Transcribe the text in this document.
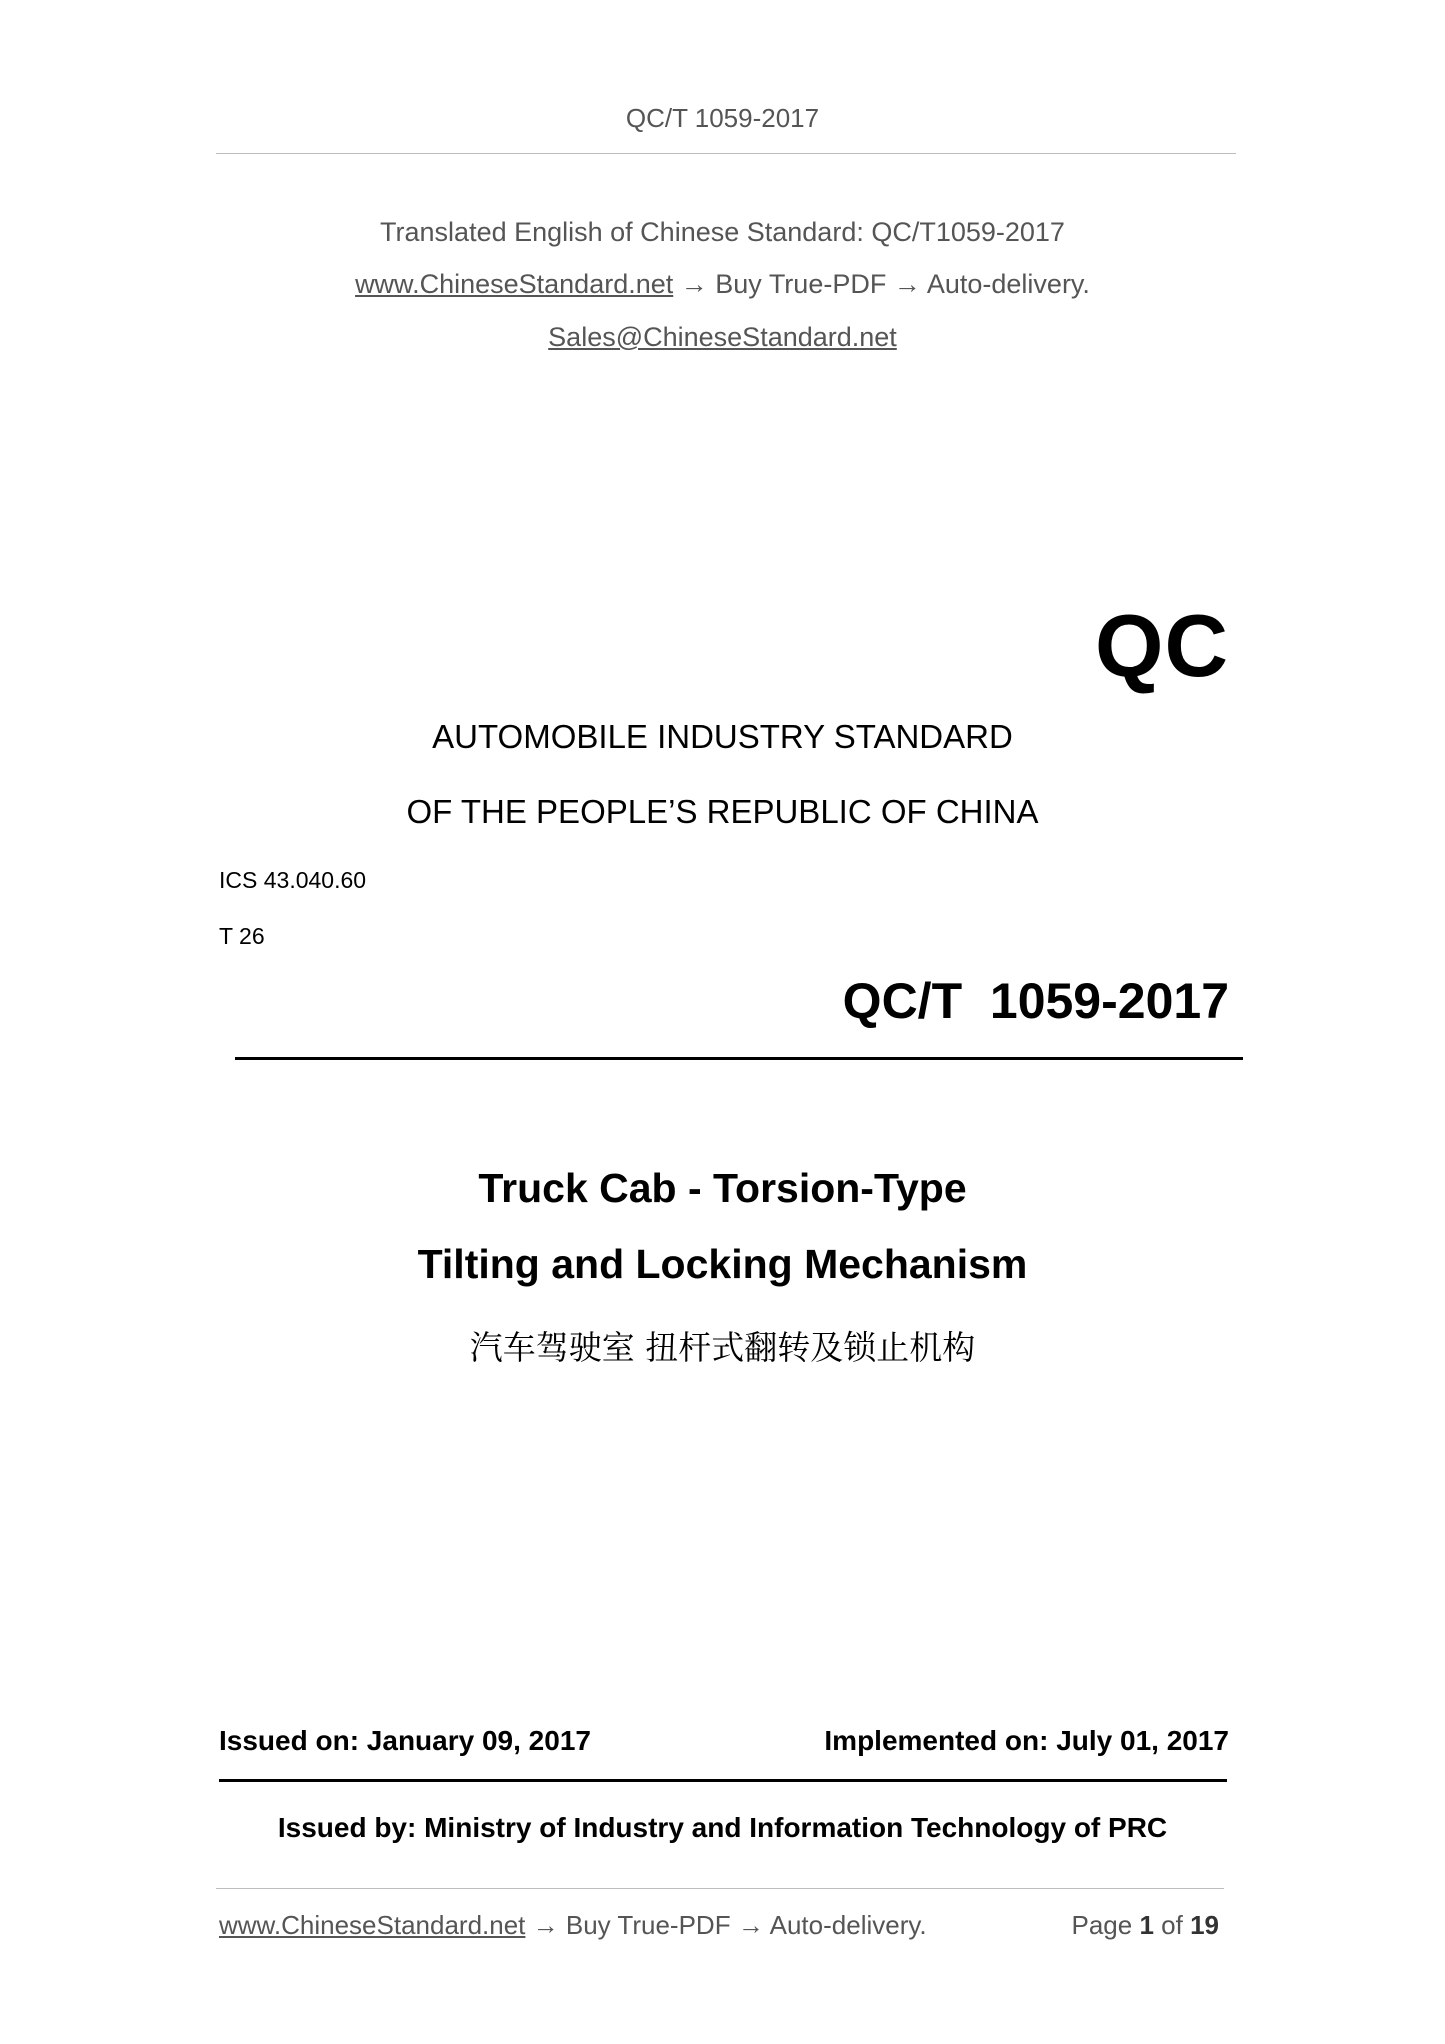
QC/T 1059-2017
Translated English of Chinese Standard: QC/T1059-2017
www.ChineseStandard.net → Buy True-PDF → Auto-delivery.
Sales@ChineseStandard.net
QC
AUTOMOBILE INDUSTRY STANDARD
OF THE PEOPLE’S REPUBLIC OF CHINA
ICS 43.040.60
T 26
QC/T  1059-2017
Truck Cab - Torsion-Type
Tilting and Locking Mechanism
汽车驾驶室 扭杆式翻转及锁止机构
Issued on: January 09, 2017	Implemented on: July 01, 2017
Issued by: Ministry of Industry and Information Technology of PRC
www.ChineseStandard.net → Buy True-PDF → Auto-delivery.	Page 1 of 19
